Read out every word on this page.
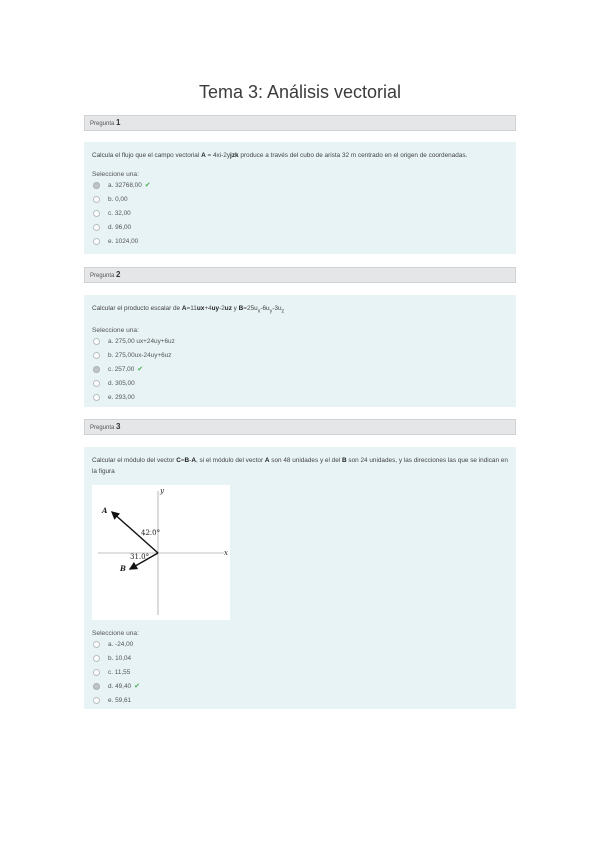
Tema 3: Análisis vectorial
Pregunta 1
Calcula el flujo que el campo vectorial A = 4xi-2yjzk produce a través del cubo de arista 32 m centrado en el origen de coordenadas.
Seleccione una:
a. 32768,00 ✔
b. 0,00
c. 32,00
d. 96,00
e. 1024,00
Pregunta 2
Calcular el producto escalar de A=11ux+4uy-2uz y $B=25u_x-6u_y-3u_z$
Seleccione una:
a. 275,00 ux+24uy+6uz
b. 275,00ux-24uy+6uz
c. 257,00 ✔
d. 305,00
e. 293,00
Pregunta 3
Calcular el módulo del vector C=B-A, si el módulo del vector A son 48 unidades y el del B son 24 unidades, y las direcciones las que se indican en la figura
x
y
A
B
42.0°
31.0°
Seleccione una:
a. -24,00
b. 10,04
c. 11,55
d. 49,40 ✔
e. 59,61
